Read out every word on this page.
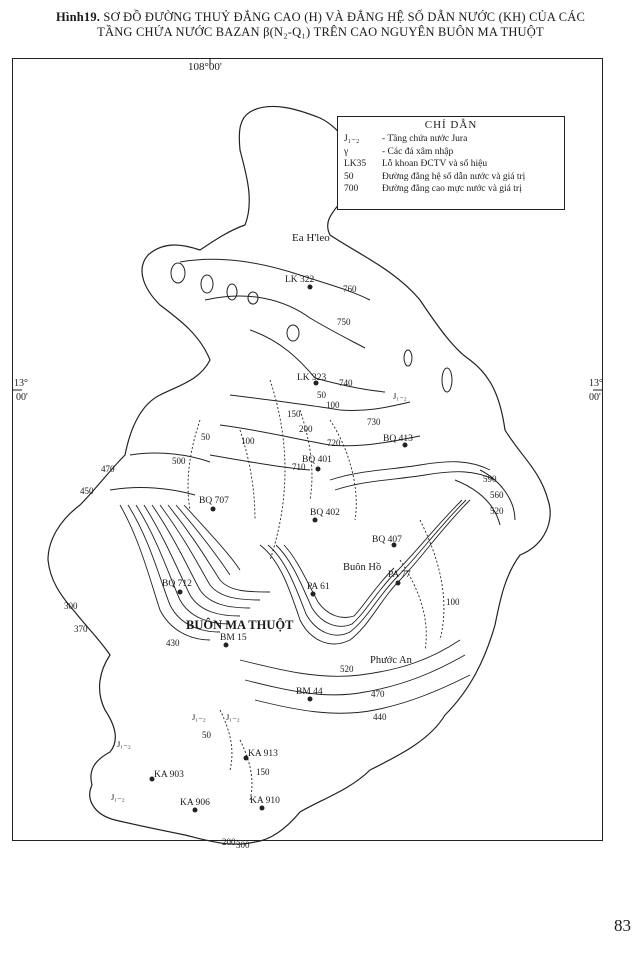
Hình19. SƠ ĐỒ ĐƯỜNG THUỶ ĐẲNG CAO (H) VÀ ĐẲNG HỆ SỐ DẪN NƯỚC (KH) CỦA CÁC
TẦNG CHỨA NƯỚC BAZAN β(N₂-Q₁) TRÊN CAO NGUYÊN BUÔN MA THUỘT
108°00'
13°
00'
13°
00'
Ea H'leo
BUÔN MA THUỘT
Buôn Hồ
Phước An
LK 322
LK 323
BQ 413
BQ 401
BQ 707
BQ 402
BQ 407
PA 77
PA 61
BQ 712
BM 15
BM 44
KA 913
KA 903
KA 906	KA 910
760
750
740
730
720
710
500
470
450
590
560
520
300
370
430
520
470
440
100
150
200
50
100
50	100
50
150
200 300
J₁₋₂
J₁₋₂ J₁₋₂
J₁₋₂
J₁₋₂
CHỈ DẪN
J₁₋₂ - Tầng chứa nước Jura
γ	- Các đá xâm nhập
LK35 Lỗ khoan ĐCTV và số hiệu
50	Đường đẳng hệ số dẫn nước và giá trị
700	Đường đẳng cao mực nước và giá trị
83
